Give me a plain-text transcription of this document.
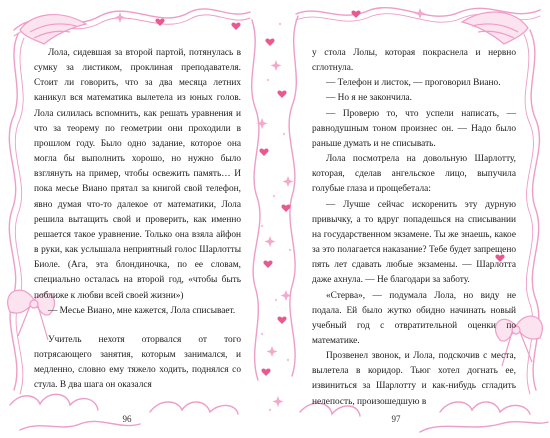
Лола, сидевшая за второй партой, потянулась в сумку за листиком, проклиная преподавателя. Стоит ли говорить, что за два месяца летних каникул вся математика вылетела из юных голов. Лола силилась вспомнить, как решать уравнения и что за теорему по геометрии они проходили в прошлом году. Было одно задание, которое она могла бы выполнить хорошо, но нужно было взглянуть на пример, чтобы освежить память… И пока месье Виано прятал за книгой свой телефон, явно думая что-то далекое от математики, Лола решила вытащить свой и проверить, как именно решается такое уравнение. Только она взяла айфон в руки, как услышала неприятный голос Шарлотты Биоле. (Ага, эта блондиночка, по ее словам, специально осталась на второй год, «чтобы быть поближе к любви всей своей жизни»)

— Месье Виано, мне кажется, Лола списывает.

Учитель нехотя оторвался от того потрясающего занятия, которым занимался, и медленно, словно ему тяжело ходить, поднялся со стула. В два шага он оказался

у стола Лолы, которая покраснела и нервно сглотнула.

— Телефон и листок, — проговорил Виано.

— Но я не закончила.

— Проверю то, что успели написать, — равнодушным тоном произнес он. — Надо было раньше думать и не списывать.

Лола посмотрела на довольную Шарлотту, которая, сделав ангельское лицо, выпучила голубые глаза и прощебетала:

— Лучше сейчас искоренить эту дурную привычку, а то вдруг попадешься на списывании на государственном экзамене. Ты же знаешь, какое за это полагается наказание? Тебе будет запрещено пять лет сдавать любые экзамены. — Шарлотта даже ахнула. — Не благодари за заботу.

«Стерва», — подумала Лола, но виду не подала. Ей было жутко обидно начинать новый учебный год с отвратительной оценки по математике.

Прозвенел звонок, и Лола, подскочив с места, вылетела в коридор. Тьюг хотел догнать ее, извиниться за Шарлотту и как-нибудь сгладить нелепость, произошедшую в

96	97
